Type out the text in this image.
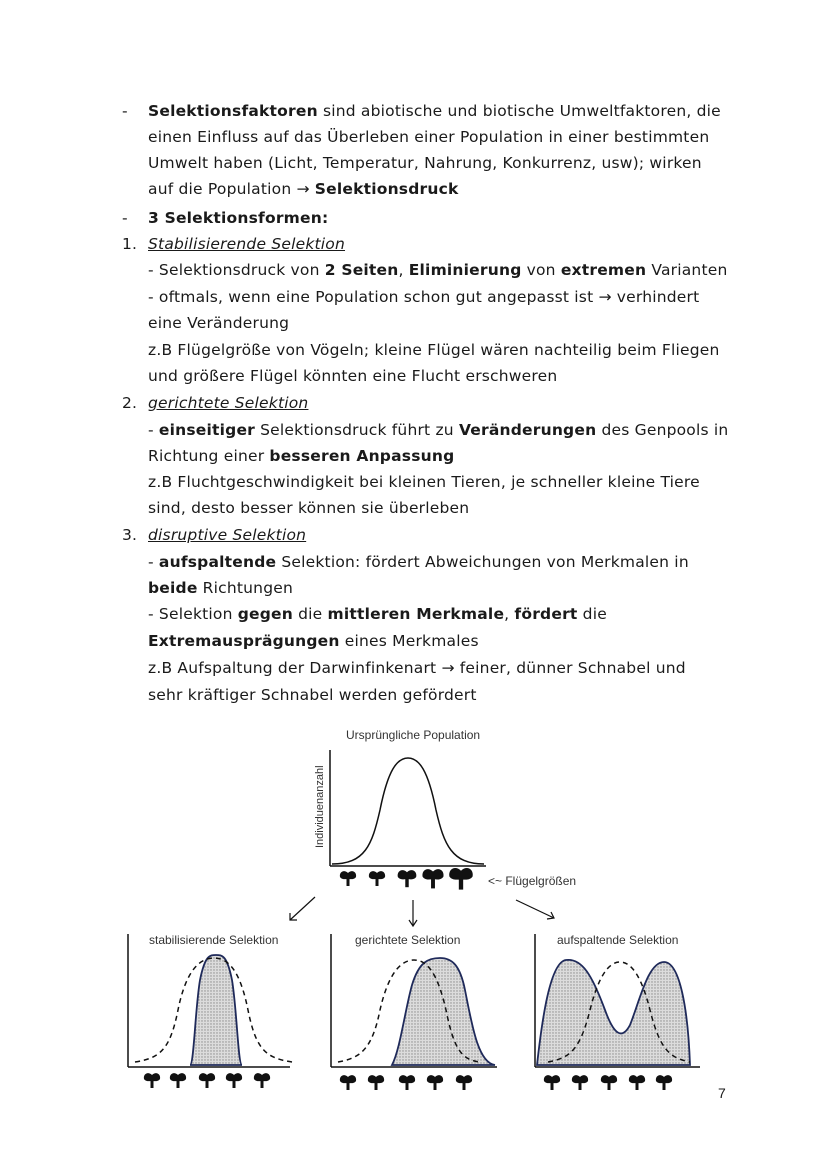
- Selektionsfaktoren sind abiotische und biotische Umweltfaktoren, die
einen Einfluss auf das Überleben einer Population in einer bestimmten
Umwelt haben (Licht, Temperatur, Nahrung, Konkurrenz, usw); wirken
auf die Population → Selektionsdruck
- 3 Selektionsformen:
1. Stabilisierende Selektion
- Selektionsdruck von 2 Seiten, Eliminierung von extremen Varianten
- oftmals, wenn eine Population schon gut angepasst ist → verhindert
eine Veränderung
z.B Flügelgröße von Vögeln; kleine Flügel wären nachteilig beim Fliegen
und größere Flügel könnten eine Flucht erschweren
2. gerichtete Selektion
- einseitiger Selektionsdruck führt zu Veränderungen des Genpools in
Richtung einer besseren Anpassung
z.B Fluchtgeschwindigkeit bei kleinen Tieren, je schneller kleine Tiere
sind, desto besser können sie überleben
3. disruptive Selektion
- aufspaltende Selektion: fördert Abweichungen von Merkmalen in
beide Richtungen
- Selektion gegen die mittleren Merkmale, fördert die
Extremausprägungen eines Merkmales
z.B Aufspaltung der Darwinfinkenart → feiner, dünner Schnabel und
sehr kräftiger Schnabel werden gefördert
Ursprüngliche Population
Individuenanzahl
<~ Flügelgrößen
stabilisierende Selektion	gerichtete Selektion	aufspaltende Selektion
7
